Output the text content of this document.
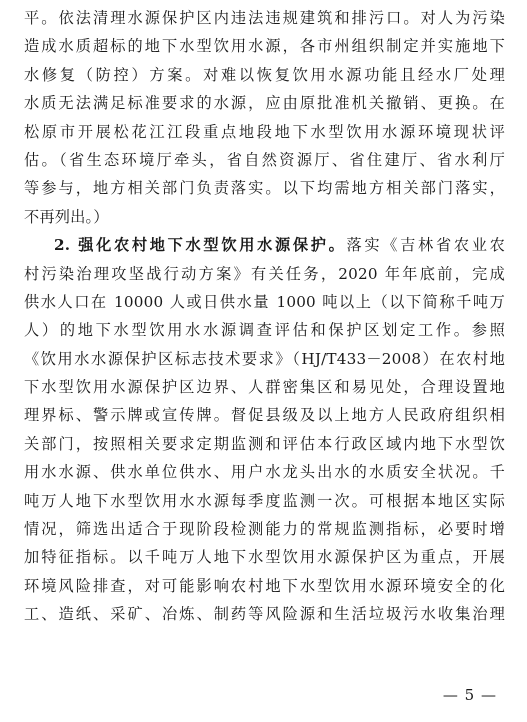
平。依法清理水源保护区内违法违规建筑和排污口。对人为污染
造成水质超标的地下水型饮用水源，各市州组织制定并实施地下
水修复（防控）方案。对难以恢复饮用水源功能且经水厂处理
水质无法满足标准要求的水源，应由原批准机关撤销、更换。在
松原市开展松花江江段重点地段地下水型饮用水源环境现状评
估。（省生态环境厅牵头，省自然资源厅、省住建厅、省水利厅
等参与，地方相关部门负责落实。以下均需地方相关部门落实，
不再列出。）
2. 强化农村地下水型饮用水源保护。落实《吉林省农业农
村污染治理攻坚战行动方案》有关任务，2020 年年底前，完成
供水人口在 10000 人或日供水量 1000 吨以上（以下简称千吨万
人）的地下水型饮用水水源调查评估和保护区划定工作。参照
《饮用水水源保护区标志技术要求》（HJ/T433－2008）在农村地
下水型饮用水源保护区边界、人群密集区和易见处，合理设置地
理界标、警示牌或宣传牌。督促县级及以上地方人民政府组织相
关部门，按照相关要求定期监测和评估本行政区域内地下水型饮
用水水源、供水单位供水、用户水龙头出水的水质安全状况。千
吨万人地下水型饮用水水源每季度监测一次。可根据本地区实际
情况，筛选出适合于现阶段检测能力的常规监测指标，必要时增
加特征指标。以千吨万人地下水型饮用水源保护区为重点，开展
环境风险排查，对可能影响农村地下水型饮用水源环境安全的化
工、造纸、采矿、冶炼、制药等风险源和生活垃圾污水收集治理
— 5 —
